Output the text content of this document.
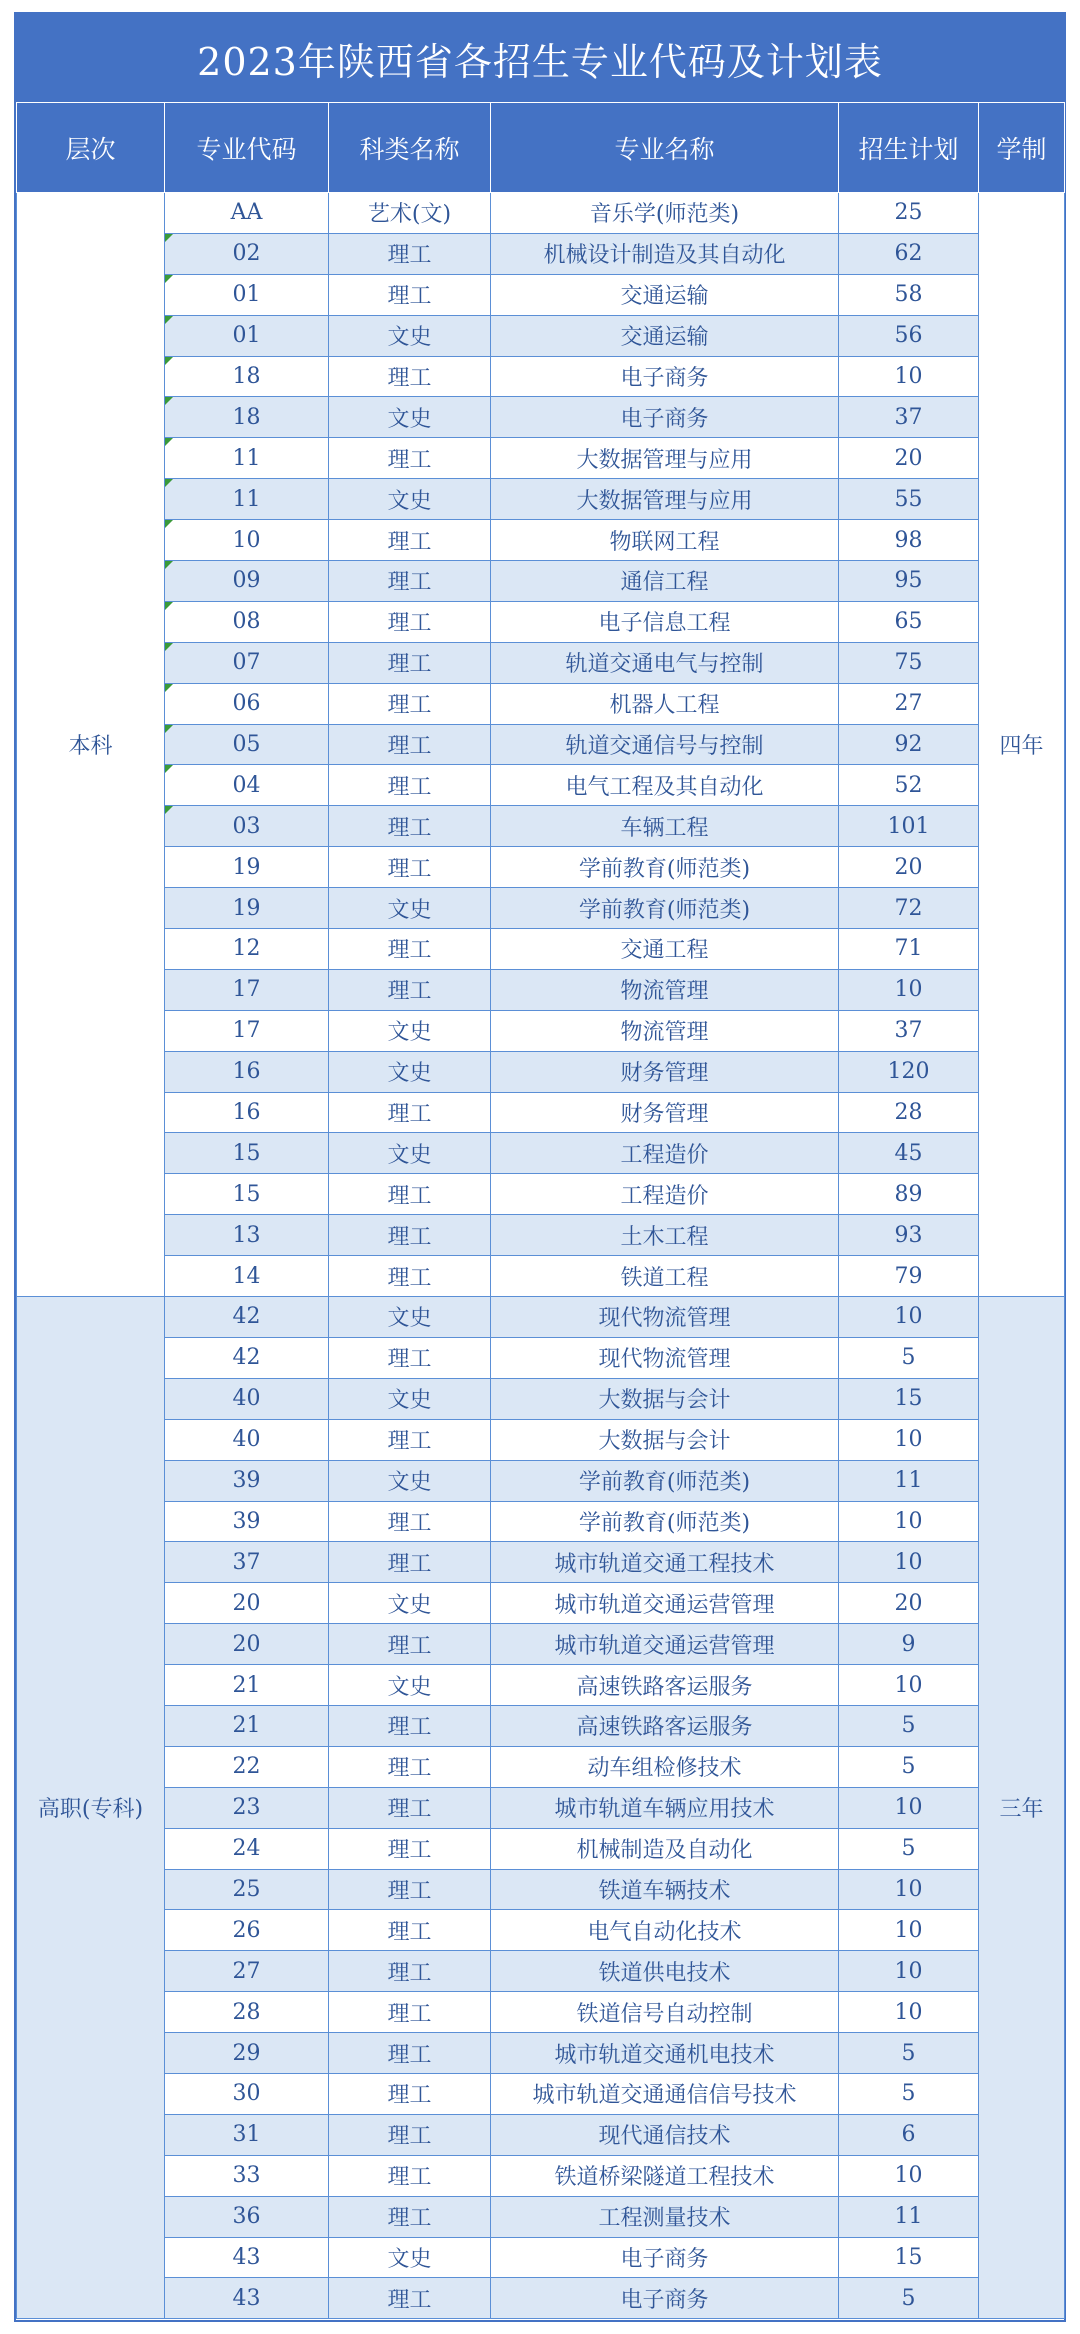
2023年陕西省各招生专业代码及计划表
层次	专业代码	科类名称	专业名称	招生计划	学制
本科	AA	艺术(文)	音乐学(师范类)	25	四年
	02	理工	机械设计制造及其自动化	62	
	01	理工	交通运输	58	
	01	文史	交通运输	56	
	18	理工	电子商务	10	
	18	文史	电子商务	37	
	11	理工	大数据管理与应用	20	
	11	文史	大数据管理与应用	55	
	10	理工	物联网工程	98	
	09	理工	通信工程	95	
	08	理工	电子信息工程	65	
	07	理工	轨道交通电气与控制	75	
	06	理工	机器人工程	27	
	05	理工	轨道交通信号与控制	92	
	04	理工	电气工程及其自动化	52	
	03	理工	车辆工程	101	
	19	理工	学前教育(师范类)	20	
	19	文史	学前教育(师范类)	72	
	12	理工	交通工程	71	
	17	理工	物流管理	10	
	17	文史	物流管理	37	
	16	文史	财务管理	120	
	16	理工	财务管理	28	
	15	文史	工程造价	45	
	15	理工	工程造价	89	
	13	理工	土木工程	93	
	14	理工	铁道工程	79	
高职(专科)	42	文史	现代物流管理	10	三年
	42	理工	现代物流管理	5	
	40	文史	大数据与会计	15	
	40	理工	大数据与会计	10	
	39	文史	学前教育(师范类)	11	
	39	理工	学前教育(师范类)	10	
	37	理工	城市轨道交通工程技术	10	
	20	文史	城市轨道交通运营管理	20	
	20	理工	城市轨道交通运营管理	9	
	21	文史	高速铁路客运服务	10	
	21	理工	高速铁路客运服务	5	
	22	理工	动车组检修技术	5	
	23	理工	城市轨道车辆应用技术	10	
	24	理工	机械制造及自动化	5	
	25	理工	铁道车辆技术	10	
	26	理工	电气自动化技术	10	
	27	理工	铁道供电技术	10	
	28	理工	铁道信号自动控制	10	
	29	理工	城市轨道交通机电技术	5	
	30	理工	城市轨道交通通信信号技术	5	
	31	理工	现代通信技术	6	
	33	理工	铁道桥梁隧道工程技术	10	
	36	理工	工程测量技术	11	
	43	文史	电子商务	15	
	43	理工	电子商务	5	
